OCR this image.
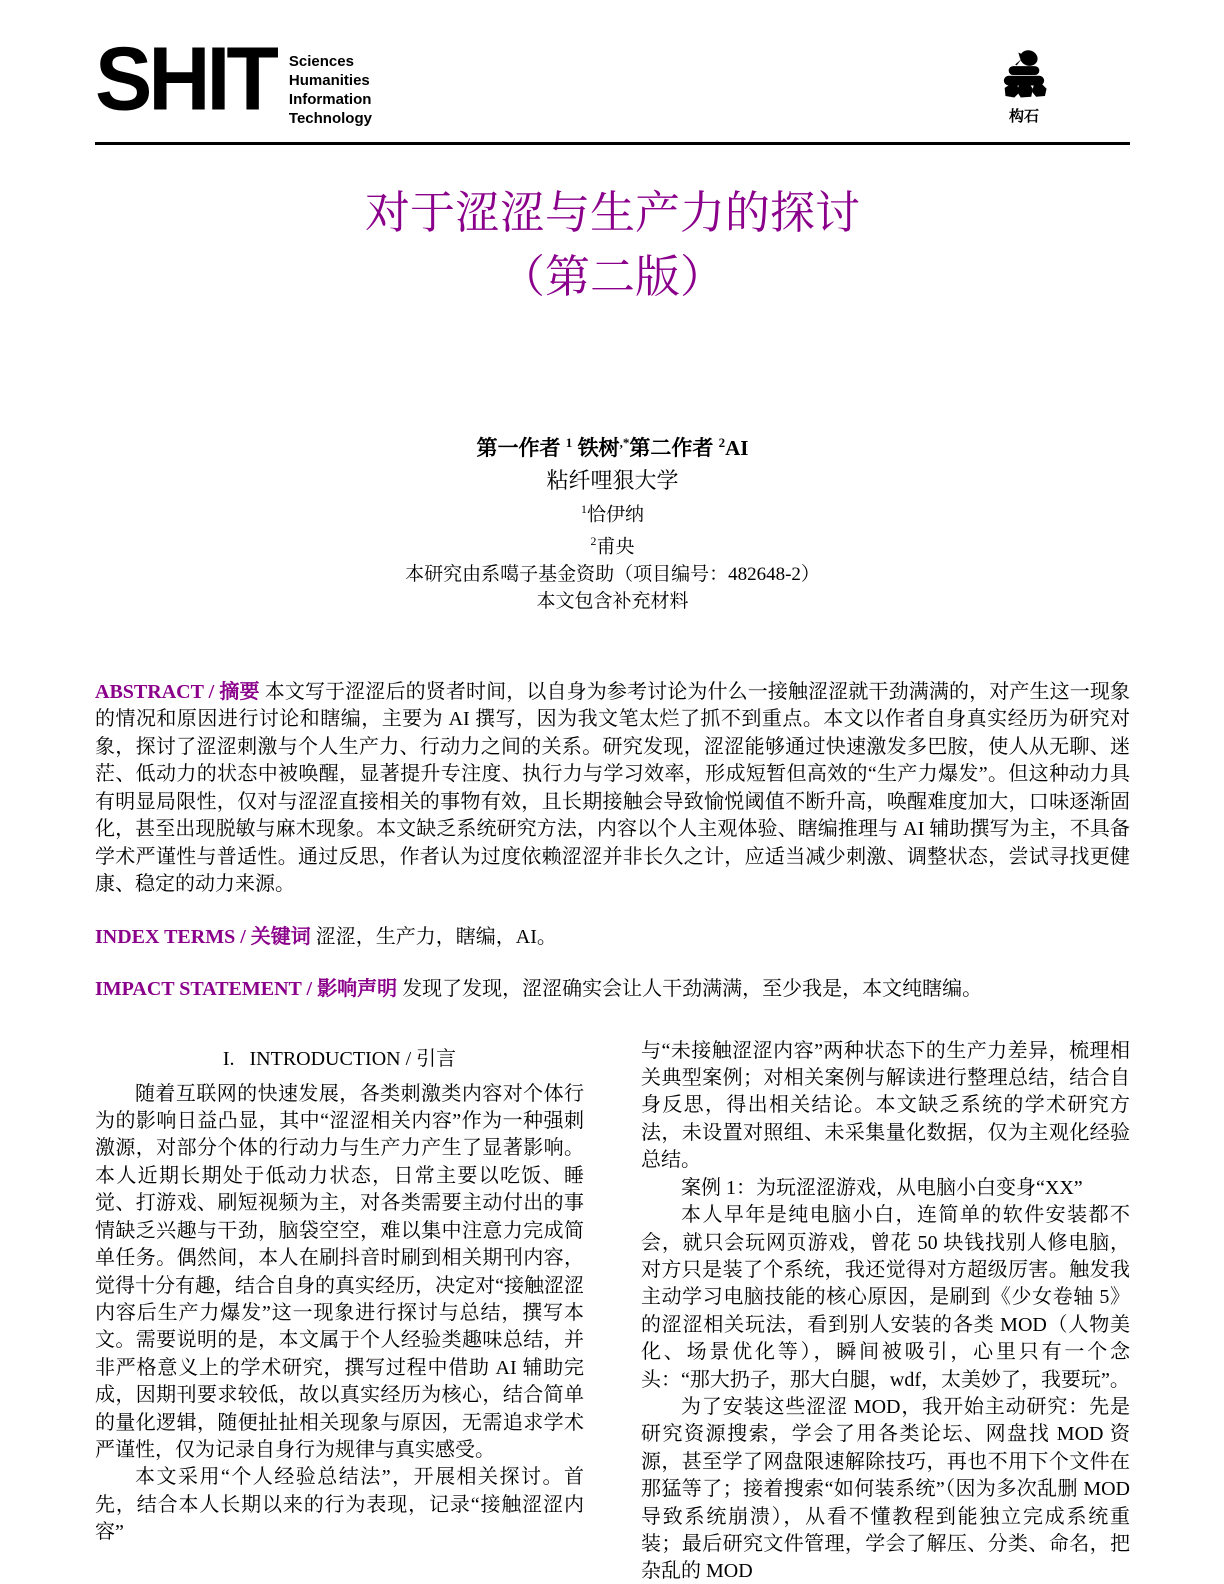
SHIT Sciences
Humanities
Information
Technology	构石
对于涩涩与生产力的探讨
（第二版）
第一作者 $^1$ 铁树,*第二作者 $^2$AI
粘纤哩狠大学
$^1$恰伊纳
$^2$甫央
本研究由系噶子基金资助（项目编号：482648-2）
本文包含补充材料

ABSTRACT / 摘要 本文写于涩涩后的贤者时间，以自身为参考讨论为什么一接触涩涩就干劲满满的，对产生这一现象的情况和原因进行讨论和瞎编，主要为 AI 撰写，因为我文笔太烂了抓不到重点。本文以作者自身真实经历为研究对象，探讨了涩涩刺激与个人生产力、行动力之间的关系。研究发现，涩涩能够通过快速激发多巴胺，使人从无聊、迷茫、低动力的状态中被唤醒，显著提升专注度、执行力与学习效率，形成短暂但高效的“生产力爆发”。但这种动力具有明显局限性，仅对与涩涩直接相关的事物有效，且长期接触会导致愉悦阈值不断升高，唤醒难度加大，口味逐渐固化，甚至出现脱敏与麻木现象。本文缺乏系统研究方法，内容以个人主观体验、瞎编推理与 AI 辅助撰写为主，不具备学术严谨性与普适性。通过反思，作者认为过度依赖涩涩并非长久之计，应适当减少刺激、调整状态，尝试寻找更健康、稳定的动力来源。

INDEX TERMS / 关键词 涩涩，生产力，瞎编，AI。

IMPACT STATEMENT / 影响声明 发现了发现，涩涩确实会让人干劲满满，至少我是，本文纯瞎编。

I.   INTRODUCTION / 引言

随着互联网的快速发展，各类刺激类内容对个体行为的影响日益凸显，其中“涩涩相关内容”作为一种强刺激源，对部分个体的行动力与生产力产生了显著影响。本人近期长期处于低动力状态，日常主要以吃饭、睡觉、打游戏、刷短视频为主，对各类需要主动付出的事情缺乏兴趣与干劲，脑袋空空，难以集中注意力完成简单任务。偶然间，本人在刷抖音时刷到相关期刊内容，觉得十分有趣，结合自身的真实经历，决定对“接触涩涩内容后生产力爆发”这一现象进行探讨与总结，撰写本文。需要说明的是，本文属于个人经验类趣味总结，并非严格意义上的学术研究，撰写过程中借助 AI 辅助完成，因期刊要求较低，故以真实经历为核心，结合简单的量化逻辑，随便扯扯相关现象与原因，无需追求学术严谨性，仅为记录自身行为规律与真实感受。

本文采用“个人经验总结法”，开展相关探讨。首先，结合本人长期以来的行为表现，记录“接触涩涩内容”

与“未接触涩涩内容”两种状态下的生产力差异，梳理相关典型案例；对相关案例与解读进行整理总结，结合自身反思，得出相关结论。本文缺乏系统的学术研究方法，未设置对照组、未采集量化数据，仅为主观化经验总结。

案例 1：为玩涩涩游戏，从电脑小白变身“XX”

本人早年是纯电脑小白，连简单的软件安装都不会，就只会玩网页游戏，曾花 50 块钱找别人修电脑，对方只是装了个系统，我还觉得对方超级厉害。触发我主动学习电脑技能的核心原因，是刷到《少女卷轴 5》的涩涩相关玩法，看到别人安装的各类 MOD（人物美化、场景优化等），瞬间被吸引，心里只有一个念头：“那大扔子，那大白腿，wdf，太美妙了，我要玩”。

为了安装这些涩涩 MOD，我开始主动研究：先是研究资源搜索，学会了用各类论坛、网盘找 MOD 资源，甚至学了网盘限速解除技巧，再也不用下个文件在那猛等了；接着搜索“如何装系统”（因为多次乱删 MOD 导致系统崩溃），从看不懂教程到能独立完成系统重装；最后研究文件管理，学会了解压、分类、命名，把杂乱的 MOD
